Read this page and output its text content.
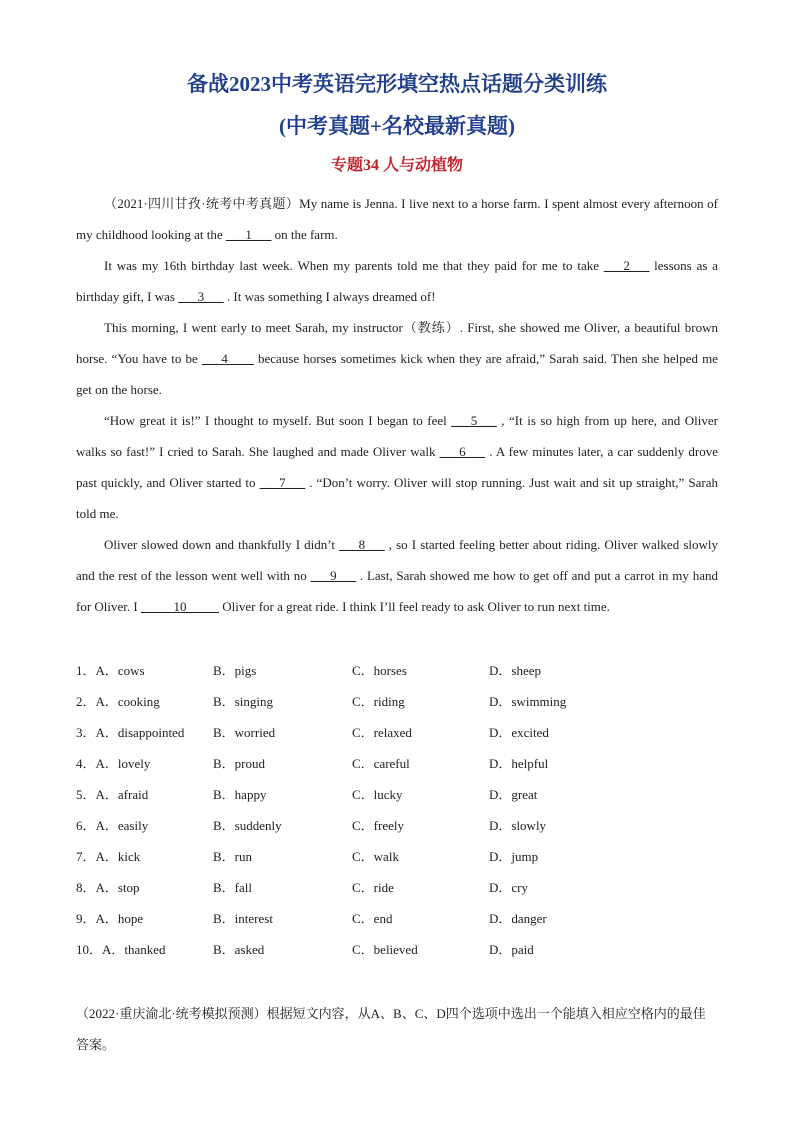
备战2023中考英语完形填空热点话题分类训练
(中考真题+名校最新真题)
专题34 人与动植物

（2021·四川甘孜·统考中考真题）My name is Jenna. I live next to a horse farm. I spent almost every afternoon of my childhood looking at the ___1___ on the farm.

It was my 16th birthday last week. When my parents told me that they paid for me to take ___2___ lessons as a birthday gift, I was ___3___ . It was something I always dreamed of!

This morning, I went early to meet Sarah, my instructor（教练）. First, she showed me Oliver, a beautiful brown horse. “You have to be ___4____ because horses sometimes kick when they are afraid,” Sarah said. Then she helped me get on the horse.

“How great it is!” I thought to myself. But soon I began to feel ___5___ , “It is so high from up here, and Oliver walks so fast!” I cried to Sarah. She laughed and made Oliver walk ___6___ . A few minutes later, a car suddenly drove past quickly, and Oliver started to ___7___ . “Don’t worry. Oliver will stop running. Just wait and sit up straight,” Sarah told me.

Oliver slowed down and thankfully I didn’t ___8___ , so I started feeling better about riding. Oliver walked slowly and the rest of the lesson went well with no ___9___ . Last, Sarah showed me how to get off and put a carrot in my hand for Oliver. I _____10_____ Oliver for a great ride. I think I’ll feel ready to ask Oliver to run next time.

1．A．cows	B．pigs	C．horses	D．sheep
2．A．cooking	B．singing	C．riding	D．swimming
3．A．disappointed B．worried	C．relaxed	D．excited
4．A．lovely	B．proud	C．careful	D．helpful
5．A．afraid	B．happy	C．lucky	D．great
6．A．easily	B．suddenly	C．freely	D．slowly
7．A．kick	B．run	C．walk	D．jump
8．A．stop	B．fall	C．ride	D．cry
9．A．hope	B．interest	C．end	D．danger
10．A．thanked	B．asked	C．believed	D．paid

（2022·重庆渝北·统考模拟预测）根据短文内容，从A、B、C、D四个选项中选出一个能填入相应空格内的最佳答案。
